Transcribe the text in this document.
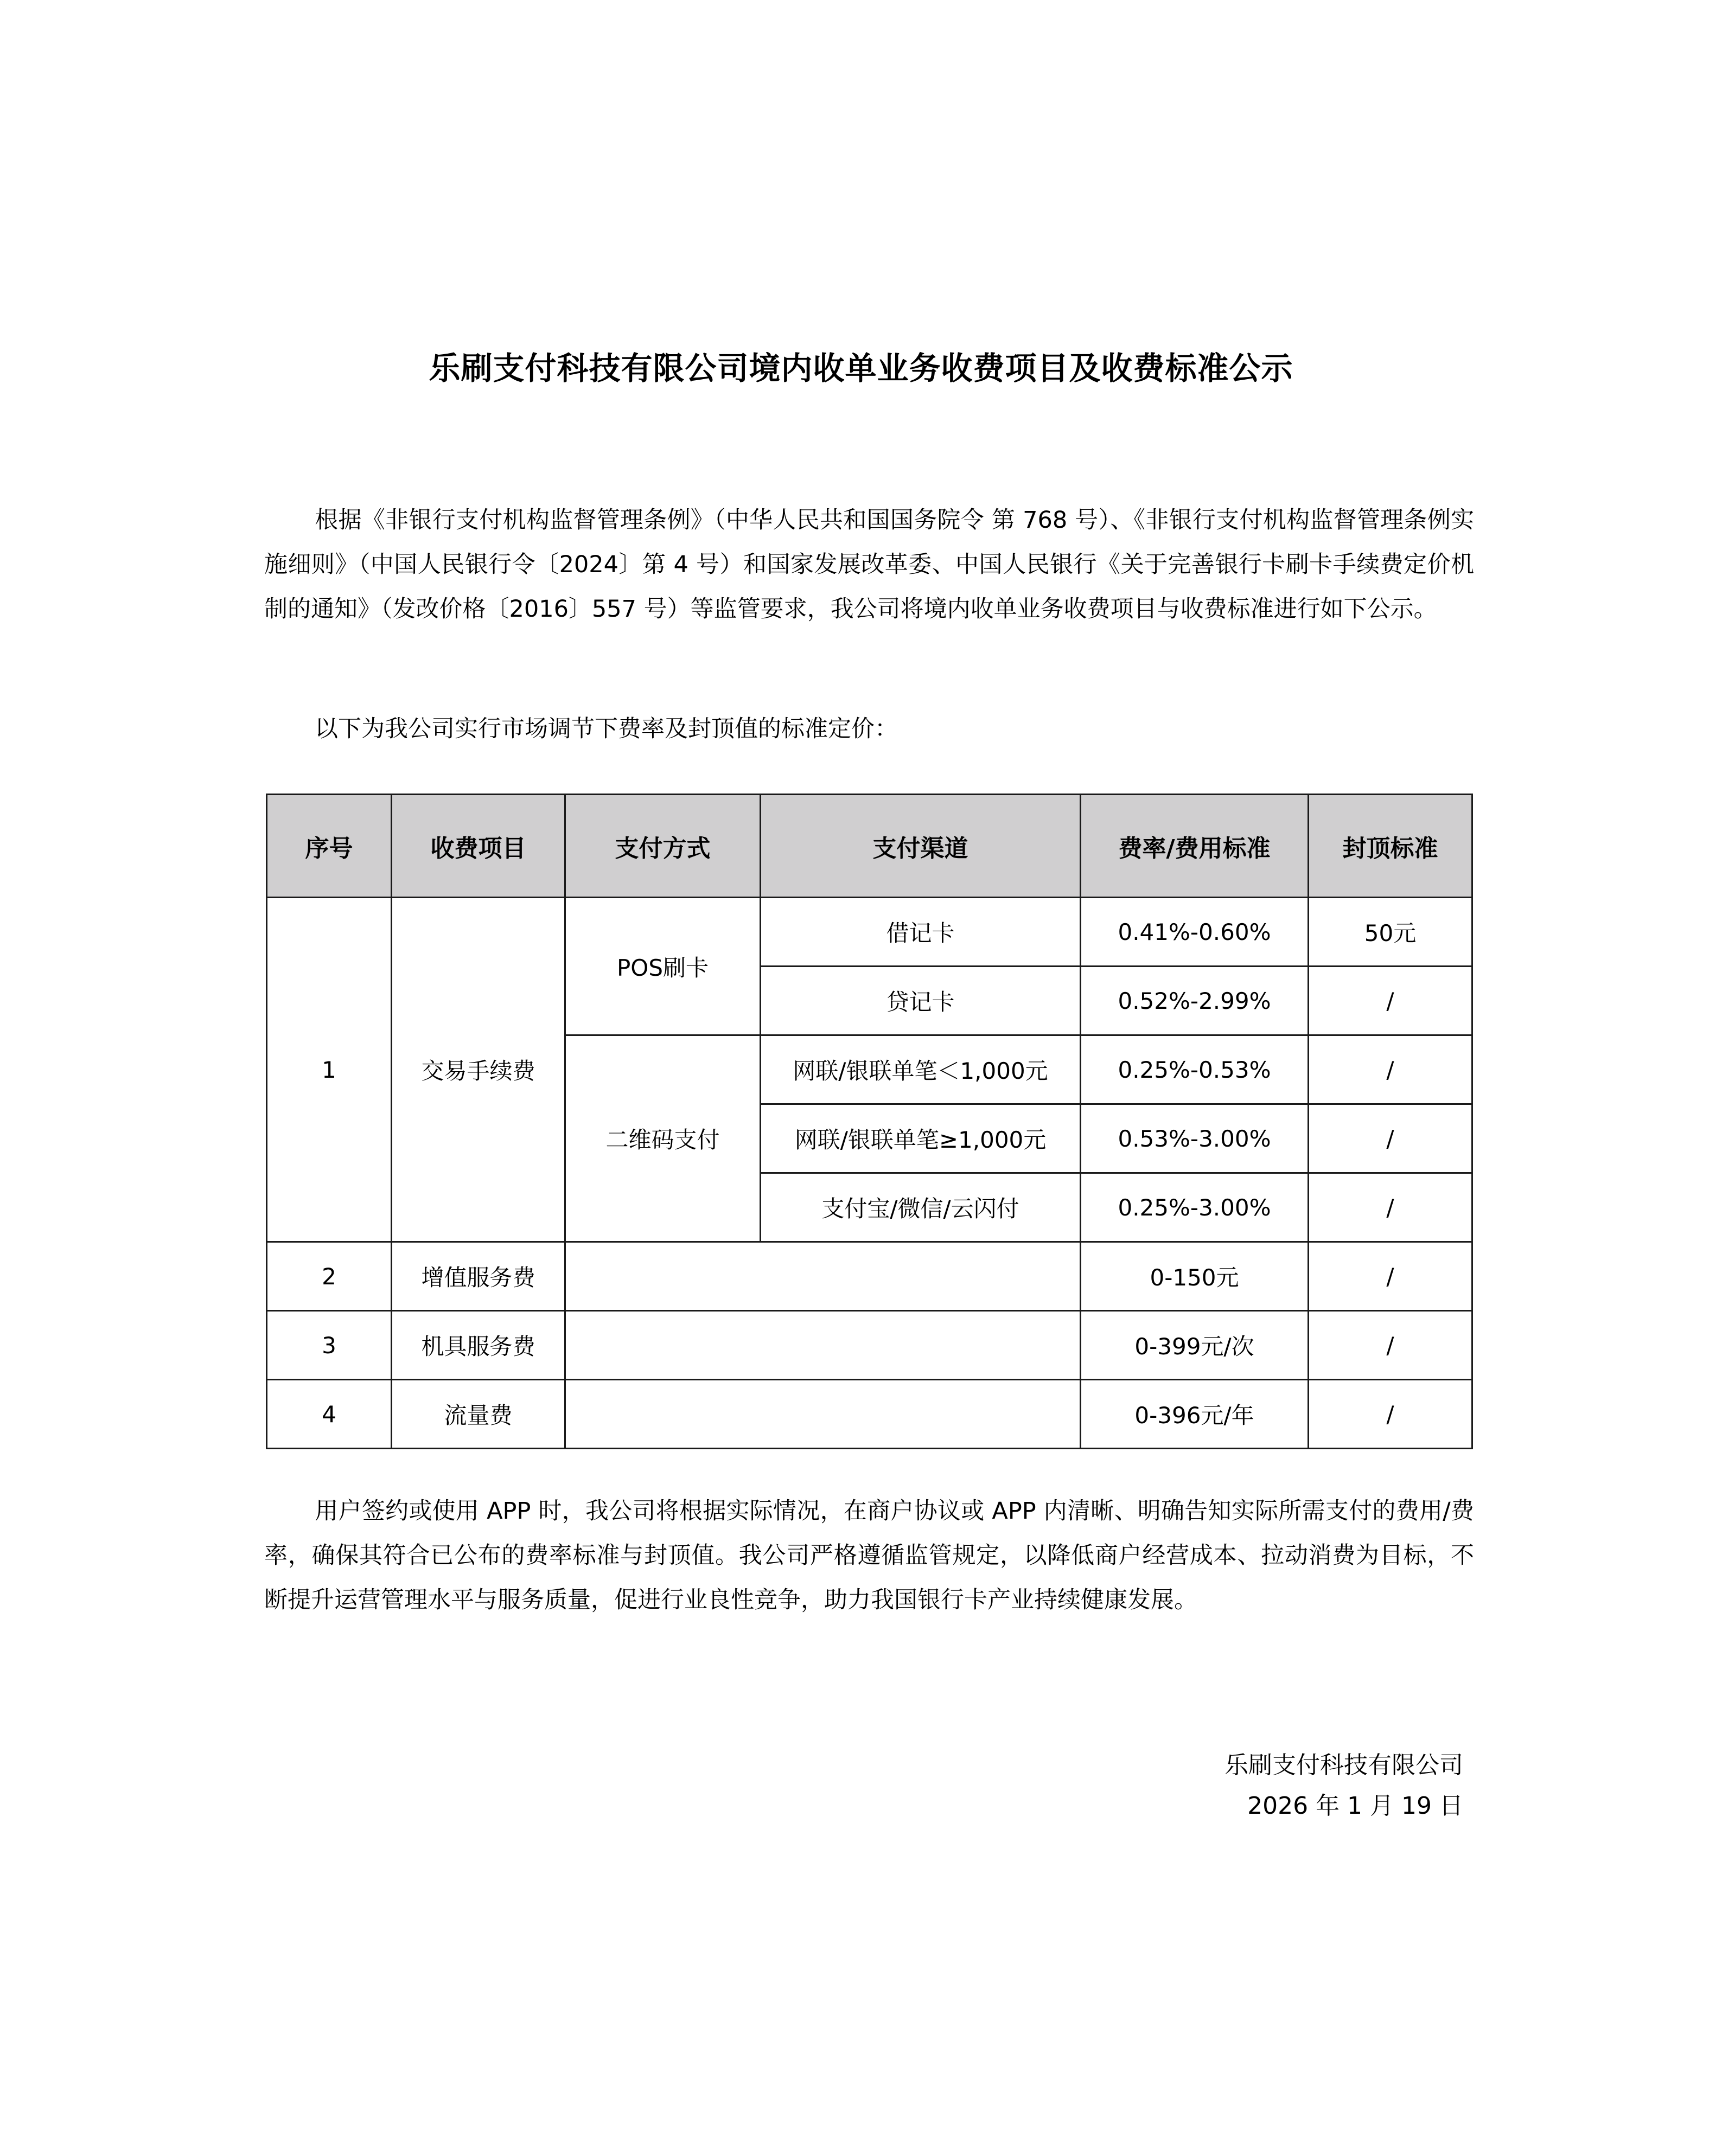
乐刷支付科技有限公司境内收单业务收费项目及收费标准公示
根据《非银行支付机构监督管理条例》（中华人民共和国国务院令 第 768 号）、《非银行支付机构监督管理条例实施细则》（中国人民银行令〔2024〕第 4 号）和国家发展改革委、中国人民银行《关于完善银行卡刷卡手续费定价机制的通知》（发改价格〔2016〕557 号）等监管要求，我公司将境内收单业务收费项目与收费标准进行如下公示。
以下为我公司实行市场调节下费率及封顶值的标准定价：
序号	收费项目	支付方式	支付渠道	费率/费用标准	封顶标准
1	交易手续费	POS刷卡	借记卡	0.41%-0.60%	50元
			贷记卡	0.52%-2.99%	/
		二维码支付	网联/银联单笔＜1,000元	0.25%-0.53%	/
			网联/银联单笔≥1,000元	0.53%-3.00%	/
			支付宝/微信/云闪付	0.25%-3.00%	/
2	增值服务费			0-150元	/
3	机具服务费			0-399元/次	/
4	流量费			0-396元/年	/
用户签约或使用 APP 时，我公司将根据实际情况，在商户协议或 APP 内清晰、明确告知实际所需支付的费用/费率，确保其符合已公布的费率标准与封顶值。我公司严格遵循监管规定，以降低商户经营成本、拉动消费为目标，不断提升运营管理水平与服务质量，促进行业良性竞争，助力我国银行卡产业持续健康发展。
乐刷支付科技有限公司
2026 年 1 月 19 日
